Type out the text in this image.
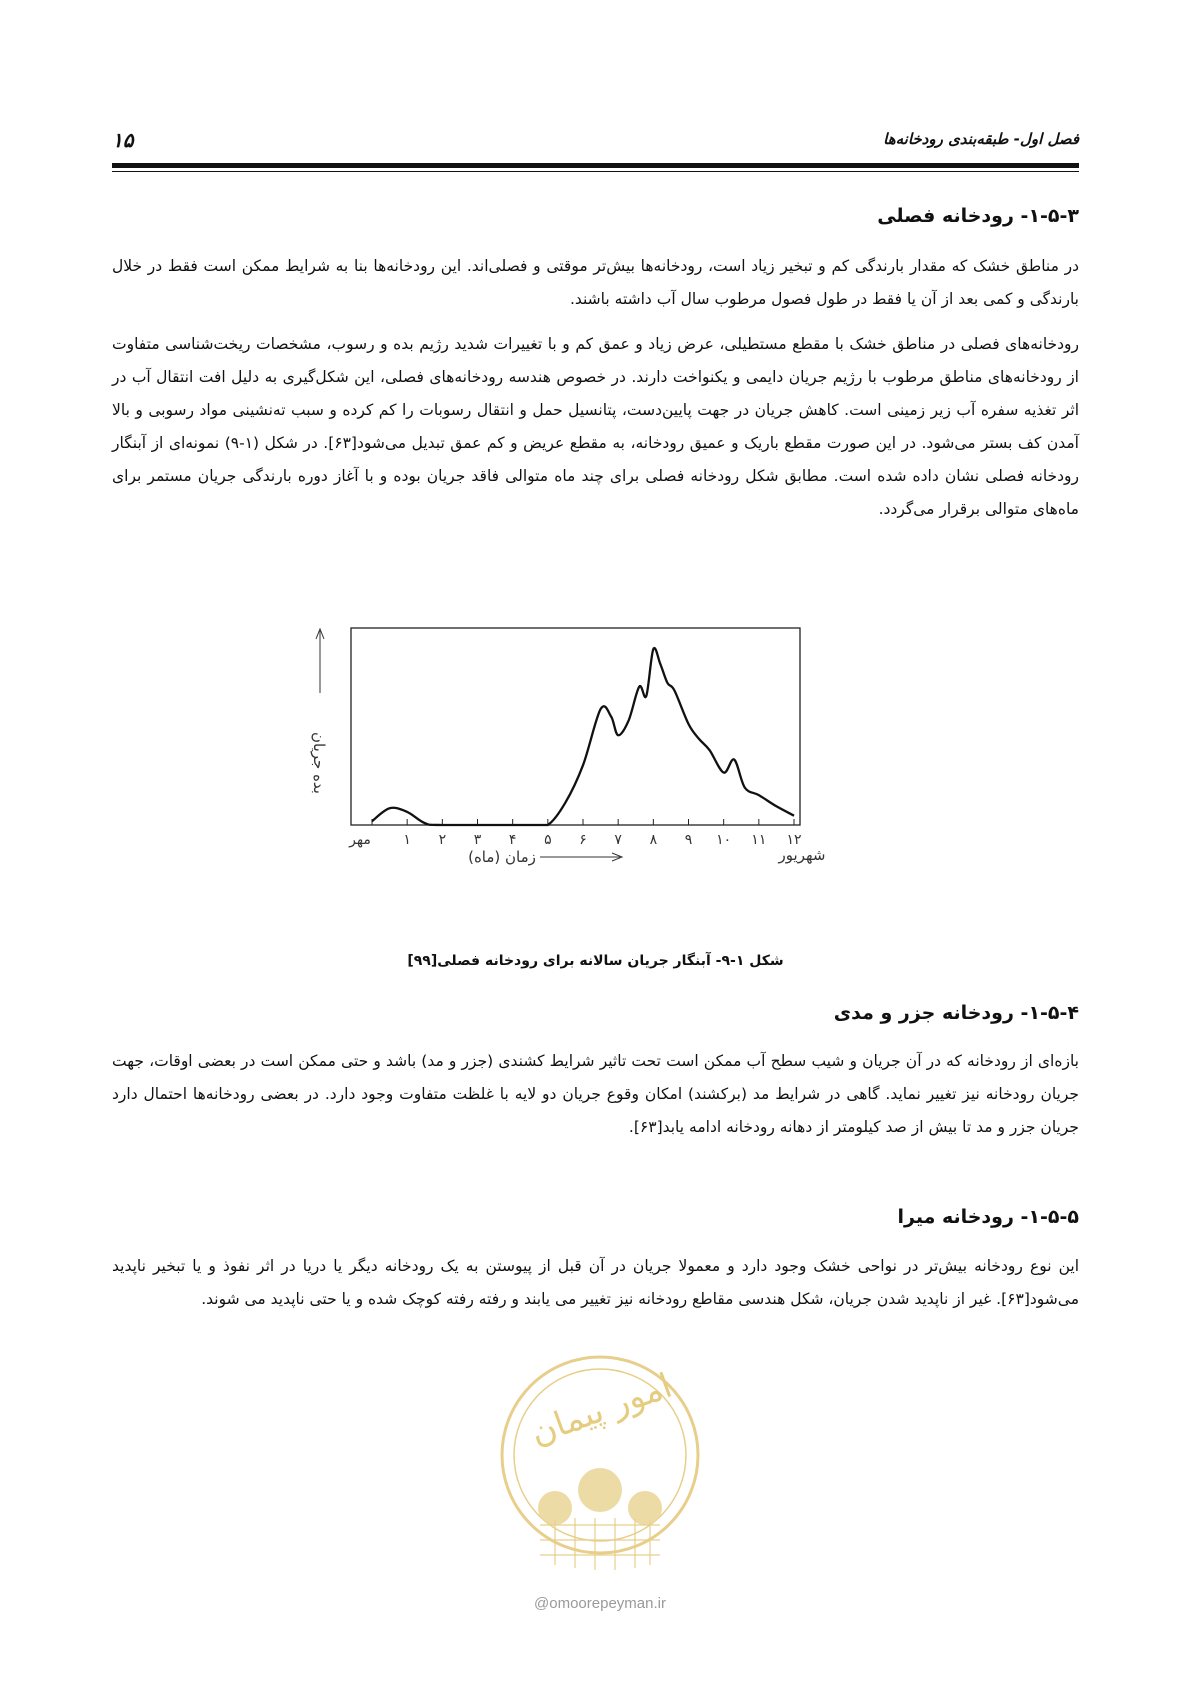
۱۵	فصل اول- طبقه‌بندی رودخانه‌ها
۱-۵-۳- رودخانه فصلی

در مناطق خشک که مقدار بارندگی کم و تبخیر زیاد است، رودخانه‌ها بیش‌تر موقتی و فصلی‌اند. این رودخانه‌ها بنا به شرایط ممکن است فقط در خلال بارندگی و کمی بعد از آن یا فقط در طول فصول مرطوب سال آب داشته باشند.

رودخانه‌های فصلی در مناطق خشک با مقطع مستطیلی، عرض زیاد و عمق کم و با تغییرات شدید رژیم بده و رسوب، مشخصات ریخت‌شناسی متفاوت از رودخانه‌های مناطق مرطوب با رژیم جریان دایمی و یکنواخت دارند. در خصوص هندسه رودخانه‌های فصلی، این شکل‌گیری به دلیل افت انتقال آب در اثر تغذیه سفره آب زیر زمینی است. کاهش جریان در جهت پایین‌دست، پتانسیل حمل و انتقال رسوبات را کم کرده و سبب ته‌نشینی مواد رسوبی و بالا آمدن کف بستر می‌شود. در این صورت مقطع باریک و عمیق رودخانه، به مقطع عریض و کم عمق تبدیل می‌شود[۶۳]. در شکل (۱-۹) نمونه‌ای از آبنگار رودخانه فصلی نشان داده شده است. مطابق شکل رودخانه فصلی برای چند ماه متوالی فاقد جریان بوده و با آغاز دوره بارندگی جریان مستمر برای ماه‌های متوالی برقرار می‌گردد.

بده جریان
مهر ۱ ۲ ۳ ۴ ۵ ۶ ۷ ۸ ۹ ۱۰ ۱۱ ۱۲
شهریور
زمان (ماه)
شکل ۱-۹- آبنگار جریان سالانه برای رودخانه فصلی[۹۹]
۱-۵-۴- رودخانه جزر و مدی

بازه‌ای از رودخانه که در آن جریان و شیب سطح آب ممکن است تحت تاثیر شرایط کشندی (جزر و مد) باشد و حتی ممکن است در بعضی اوقات، جهت جریان رودخانه نیز تغییر نماید. گاهی در شرایط مد (برکشند) امکان وقوع جریان دو لایه با غلظت متفاوت وجود دارد. در بعضی رودخانه‌ها احتمال دارد جریان جزر و مد تا بیش از صد کیلومتر از دهانه رودخانه ادامه یابد[۶۳].

۱-۵-۵- رودخانه میرا

این نوع رودخانه بیش‌تر در نواحی خشک وجود دارد و معمولا جریان در آن قبل از پیوستن به یک رودخانه دیگر یا دریا در اثر نفوذ و یا تبخیر ناپدید می‌شود[۶۳]. غیر از ناپدید شدن جریان، شکل هندسی مقاطع رودخانه نیز تغییر می یابند و رفته رفته کوچک شده و یا حتی ناپدید می شوند.

امور پیمان
@omoorepeyman.ir
